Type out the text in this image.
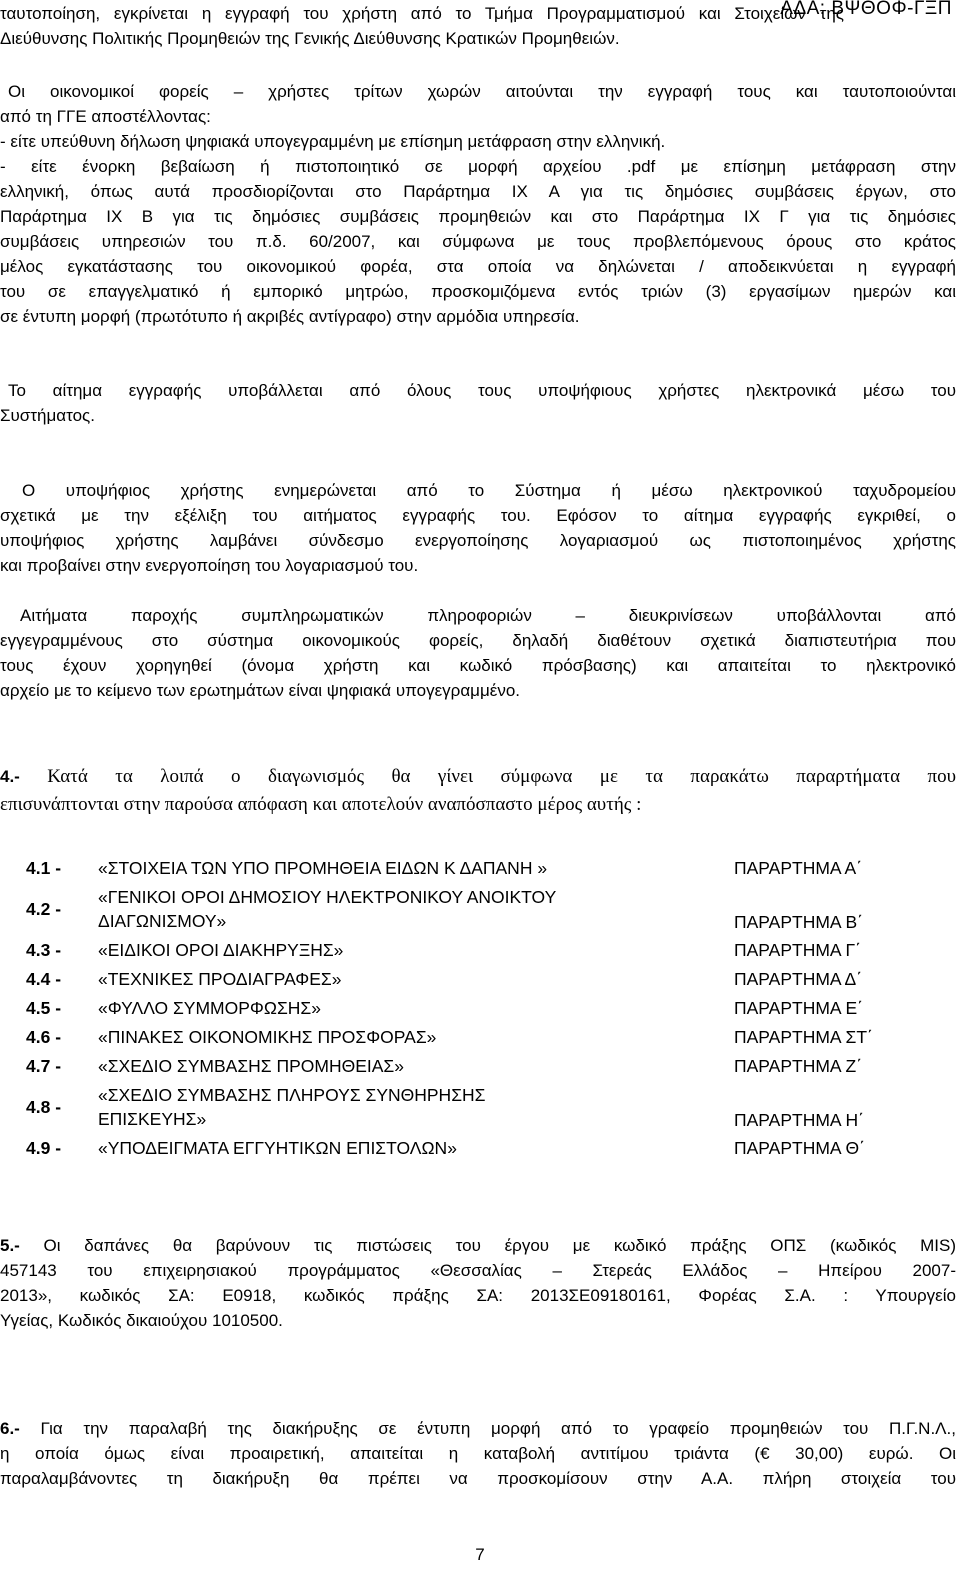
ΑΔΑ: ΒΨΘΟΦ-ΓΞΠ

ταυτοποίηση, εγκρίνεται η εγγραφή του χρήστη από το Τμήμα Προγραμματισμού και Στοιχείων της

Διεύθυνσης Πολιτικής Προμηθειών της Γενικής Διεύθυνσης Κρατικών Προμηθειών.

Οι οικονομικοί φορείς – χρήστες τρίτων χωρών αιτούνται την εγγραφή τους και ταυτοποιούνται

από τη ΓΓΕ αποστέλλοντας:

- είτε υπεύθυνη δήλωση ψηφιακά υπογεγραμμένη με επίσημη μετάφραση στην ελληνική.

- είτε ένορκη βεβαίωση ή πιστοποιητικό σε μορφή αρχείου .pdf με επίσημη μετάφραση στην

ελληνική, όπως αυτά προσδιορίζονται στο Παράρτημα ΙΧ Α για τις δημόσιες συμβάσεις έργων, στο

Παράρτημα ΙΧ Β για τις δημόσιες συμβάσεις προμηθειών και στο Παράρτημα ΙΧ Γ για τις δημόσιες

συμβάσεις υπηρεσιών του π.δ. 60/2007, και σύμφωνα με τους προβλεπόμενους όρους στο κράτος

μέλος εγκατάστασης του οικονομικού φορέα, στα οποία να δηλώνεται / αποδεικνύεται η εγγραφή

του σε επαγγελματικό ή εμπορικό μητρώο, προσκομιζόμενα εντός τριών (3) εργασίμων ημερών και

σε έντυπη μορφή (πρωτότυπο ή ακριβές αντίγραφο) στην αρμόδια υπηρεσία.

Το αίτημα εγγραφής υποβάλλεται από όλους τους υποψήφιους χρήστες ηλεκτρονικά μέσω του

Συστήματος.

Ο υποψήφιος χρήστης ενημερώνεται από το Σύστημα ή μέσω ηλεκτρονικού ταχυδρομείου

σχετικά με την εξέλιξη του αιτήματος εγγραφής του. Εφόσον το αίτημα εγγραφής εγκριθεί, ο

υποψήφιος χρήστης λαμβάνει σύνδεσμο ενεργοποίησης λογαριασμού ως πιστοποιημένος χρήστης

και προβαίνει στην ενεργοποίηση του λογαριασμού του.

Αιτήματα παροχής συμπληρωματικών πληροφοριών – διευκρινίσεων υποβάλλονται από

εγγεγραμμένους στο σύστημα οικονομικούς φορείς, δηλαδή διαθέτουν σχετικά διαπιστευτήρια που

τους έχουν χορηγηθεί (όνομα χρήστη και κωδικό πρόσβασης) και απαιτείται το ηλεκτρονικό

αρχείο με το κείμενο των ερωτημάτων είναι ψηφιακά υπογεγραμμένο.

4.- Κατά τα λοιπά ο διαγωνισμός θα γίνει σύμφωνα με τα παρακάτω παραρτήματα που

επισυνάπτονται στην παρούσα απόφαση και αποτελούν αναπόσπαστο μέρος αυτής :

4.1 -	«ΣΤΟΙΧΕΙΑ ΤΩΝ ΥΠΟ ΠΡΟΜΗΘΕΙΑ ΕΙΔΩΝ Κ ΔΑΠΑΝΗ »	ΠΑΡΑΡΤΗΜΑ Α΄
4.2 -	«ΓΕΝΙΚΟΙ ΟΡΟΙ ΔΗΜΟΣΙΟΥ ΗΛΕΚΤΡΟΝΙΚΟΥ ΑΝΟΙΚΤΟΥ
ΔΙΑΓΩΝΙΣΜΟΥ»	ΠΑΡΑΡΤΗΜΑ Β΄
4.3 -	«ΕΙΔΙΚΟΙ ΟΡΟΙ ΔΙΑΚΗΡΥΞΗΣ»	ΠΑΡΑΡΤΗΜΑ Γ΄
4.4 -	«ΤΕΧΝΙΚΕΣ ΠΡΟΔΙΑΓΡΑΦΕΣ»	ΠΑΡΑΡΤΗΜΑ Δ΄
4.5 -	«ΦΥΛΛΟ ΣΥΜΜΟΡΦΩΣΗΣ»	ΠΑΡΑΡΤΗΜΑ Ε΄
4.6 -	«ΠΙΝΑΚΕΣ ΟΙΚΟΝΟΜΙΚΗΣ ΠΡΟΣΦΟΡΑΣ»	ΠΑΡΑΡΤΗΜΑ ΣΤ΄
4.7 -	«ΣΧΕΔΙΟ ΣΥΜΒΑΣΗΣ ΠΡΟΜΗΘΕΙΑΣ»	ΠΑΡΑΡΤΗΜΑ Ζ΄
4.8 -	«ΣΧΕΔΙΟ ΣΥΜΒΑΣΗΣ ΠΛΗΡΟΥΣ ΣΥΝΘΗΡΗΣΗΣ
ΕΠΙΣΚΕΥΗΣ»	ΠΑΡΑΡΤΗΜΑ Η΄
4.9 -	«ΥΠΟΔΕΙΓΜΑΤΑ ΕΓΓΥΗΤΙΚΩΝ ΕΠΙΣΤΟΛΩΝ»	ΠΑΡΑΡΤΗΜΑ Θ΄

5.- Οι δαπάνες θα βαρύνουν τις πιστώσεις του έργου με κωδικό πράξης ΟΠΣ (κωδικός MIS)

457143 του επιχειρησιακού προγράμματος «Θεσσαλίας – Στερεάς Ελλάδος – Ηπείρου 2007-

2013», κωδικός ΣΑ: Ε0918, κωδικός πράξης ΣΑ: 2013ΣΕ09180161, Φορέας Σ.Α. : Υπουργείο

Υγείας, Κωδικός δικαιούχου 1010500.

6.- Για την παραλαβή της διακήρυξης σε έντυπη μορφή από το γραφείο προμηθειών του Π.Γ.Ν.Λ.,

η οποία όμως είναι προαιρετική, απαιτείται η καταβολή αντιτίμου τριάντα (€ 30,00) ευρώ. Οι

παραλαμβάνοντες τη διακήρυξη θα πρέπει να προσκομίσουν στην Α.Α. πλήρη στοιχεία του

7
